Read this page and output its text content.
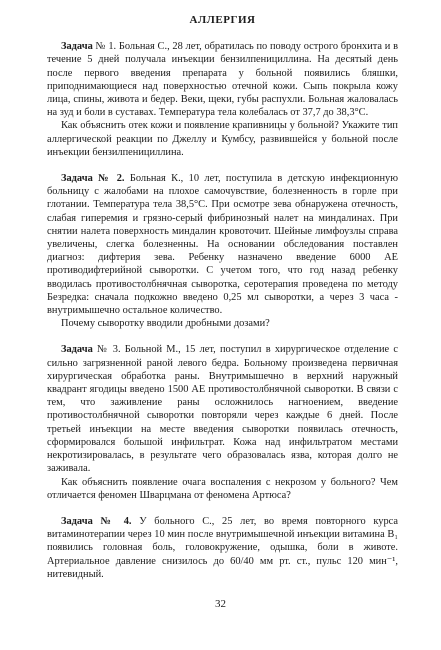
АЛЛЕРГИЯ

Задача № 1. Больная С., 28 лет, обратилась по поводу острого бронхита и в течение 5 дней получала инъекции бензилпенициллина. На десятый день после первого введения препарата у больной появились бляшки, приподнимающиеся над поверхностью отечной кожи. Сыпь покрыла кожу лица, спины, живота и бедер. Веки, щеки, губы распухли. Больная жаловалась на зуд и боли в суставах. Температура тела колебалась от 37,7 до 38,3°С.

Как объяснить отек кожи и появление крапивницы у больной? Укажите тип аллергической реакции по Джеллу и Кумбсу, развившейся у больной после инъекции бензилпенициллина.

Задача № 2. Больная К., 10 лет, поступила в детскую инфекционную больницу с жалобами на плохое самочувствие, болезненность в горле при глотании. Температура тела 38,5°С. При осмотре зева обнаружена отечность, слабая гиперемия и грязно-серый фибринозный налет на миндалинах. При снятии налета поверхность миндалин кровоточит. Шейные лимфоузлы справа увеличены, слегка болезненны. На основании обследования поставлен диагноз: дифтерия зева. Ребенку назначено введение 6000 АЕ противодифтерийной сыворотки. С учетом того, что год назад ребенку вводилась противостолбнячная сыворотка, серотерапия проведена по методу Безредка: сначала подкожно введено 0,25 мл сыворотки, а через 3 часа - внутримышечно остальное количество.

Почему сыворотку вводили дробными дозами?

Задача № 3. Больной М., 15 лет, поступил в хирургическое отделение с сильно загрязненной раной левого бедра. Больному произведена первичная хирургическая обработка раны. Внутримышечно в верхний наружный квадрант ягодицы введено 1500 АЕ противостолбнячной сыворотки. В связи с тем, что заживление раны осложнилось нагноением, введение противостолбнячной сыворотки повторяли через каждые 6 дней. После третьей инъекции на месте введения сыворотки появилась отечность, сформировался большой инфильтрат. Кожа над инфильтратом местами некротизировалась, в результате чего образовалась язва, которая долго не заживала.

Как объяснить появление очага воспаления с некрозом у больного? Чем отличается феномен Шварцмана от феномена Артюса?

Задача № 4. У больного С., 25 лет, во время повторного курса витаминотерапии через 10 мин после внутримышечной инъекции витамина В₁ появились головная боль, головокружение, одышка, боли в животе. Артериальное давление снизилось до 60/40 мм рт. ст., пульс 120 мин⁻¹, нитевидный.

32
